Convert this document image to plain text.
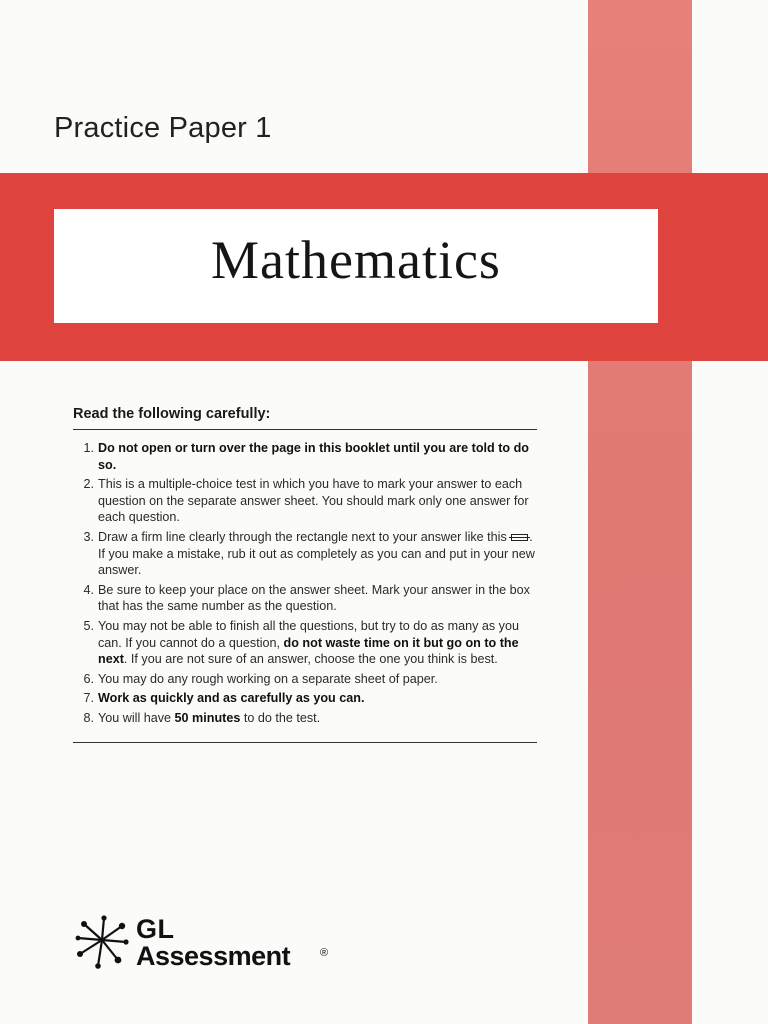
Practice Paper 1
Mathematics
Read the following carefully:
1. Do not open or turn over the page in this booklet until you are told to do so.
2. This is a multiple-choice test in which you have to mark your answer to each question on the separate answer sheet. You should mark only one answer for each question.
3. Draw a firm line clearly through the rectangle next to your answer like this . If you make a mistake, rub it out as completely as you can and put in your new answer.
4. Be sure to keep your place on the answer sheet. Mark your answer in the box that has the same number as the question.
5. You may not be able to finish all the questions, but try to do as many as you can. If you cannot do a question, do not waste time on it but go on to the next. If you are not sure of an answer, choose the one you think is best.
6. You may do any rough working on a separate sheet of paper.
7. Work as quickly and as carefully as you can.
8. You will have 50 minutes to do the test.
GL
Assessment	®
